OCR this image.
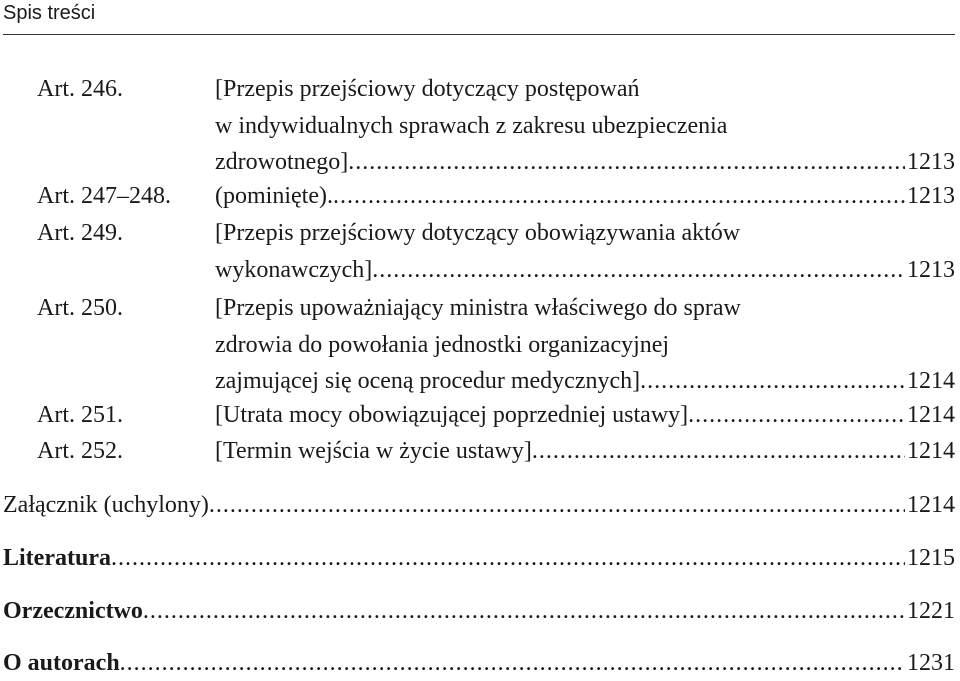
Spis treści
Art. 246.	[Przepis przejściowy dotyczący postępowań
w indywidualnych sprawach z zakresu ubezpieczenia
zdrowotnego] .....	1213
Art. 247–248. (pominięte). .....	1213
Art. 249.	[Przepis przejściowy dotyczący obowiązywania aktów
wykonawczych] .....	1213
Art. 250.	[Przepis upoważniający ministra właściwego do spraw
zdrowia do powołania jednostki organizacyjnej
zajmującej się oceną procedur medycznych] .....	1214
Art. 251.	[Utrata mocy obowiązującej poprzedniej ustawy] .....	1214
Art. 252.	[Termin wejścia w życie ustawy] .....	1214
Załącznik (uchylony) .....	1214
Literatura .....	1215
Orzecznictwo .....	1221
O autorach .....	1231
